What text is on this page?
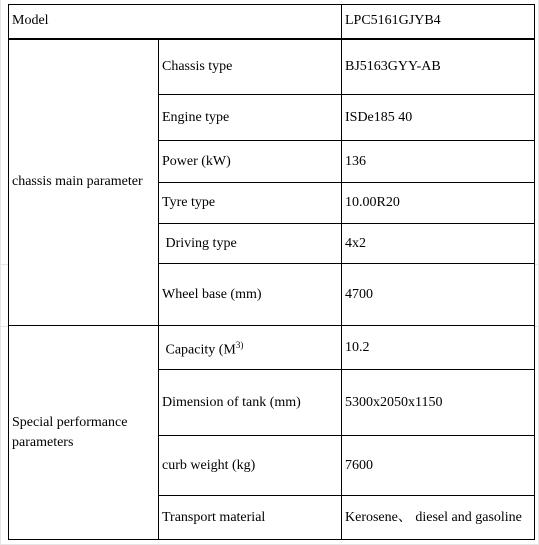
Model		LPC5161GJYB4
chassis main parameter	Chassis type	BJ5163GYY-AB
	Engine type	ISDe185 40
	Power (kW)	136
	Tyre type	10.00R20
	Driving type	4x2
	Wheel base (mm)	4700
Special performance parameters	Capacity ($M^{3)}$	10.2
	Dimension of tank (mm)	5300x2050x1150
	curb weight (kg)	7600
	Transport material	Kerosene、 diesel and gasoline
